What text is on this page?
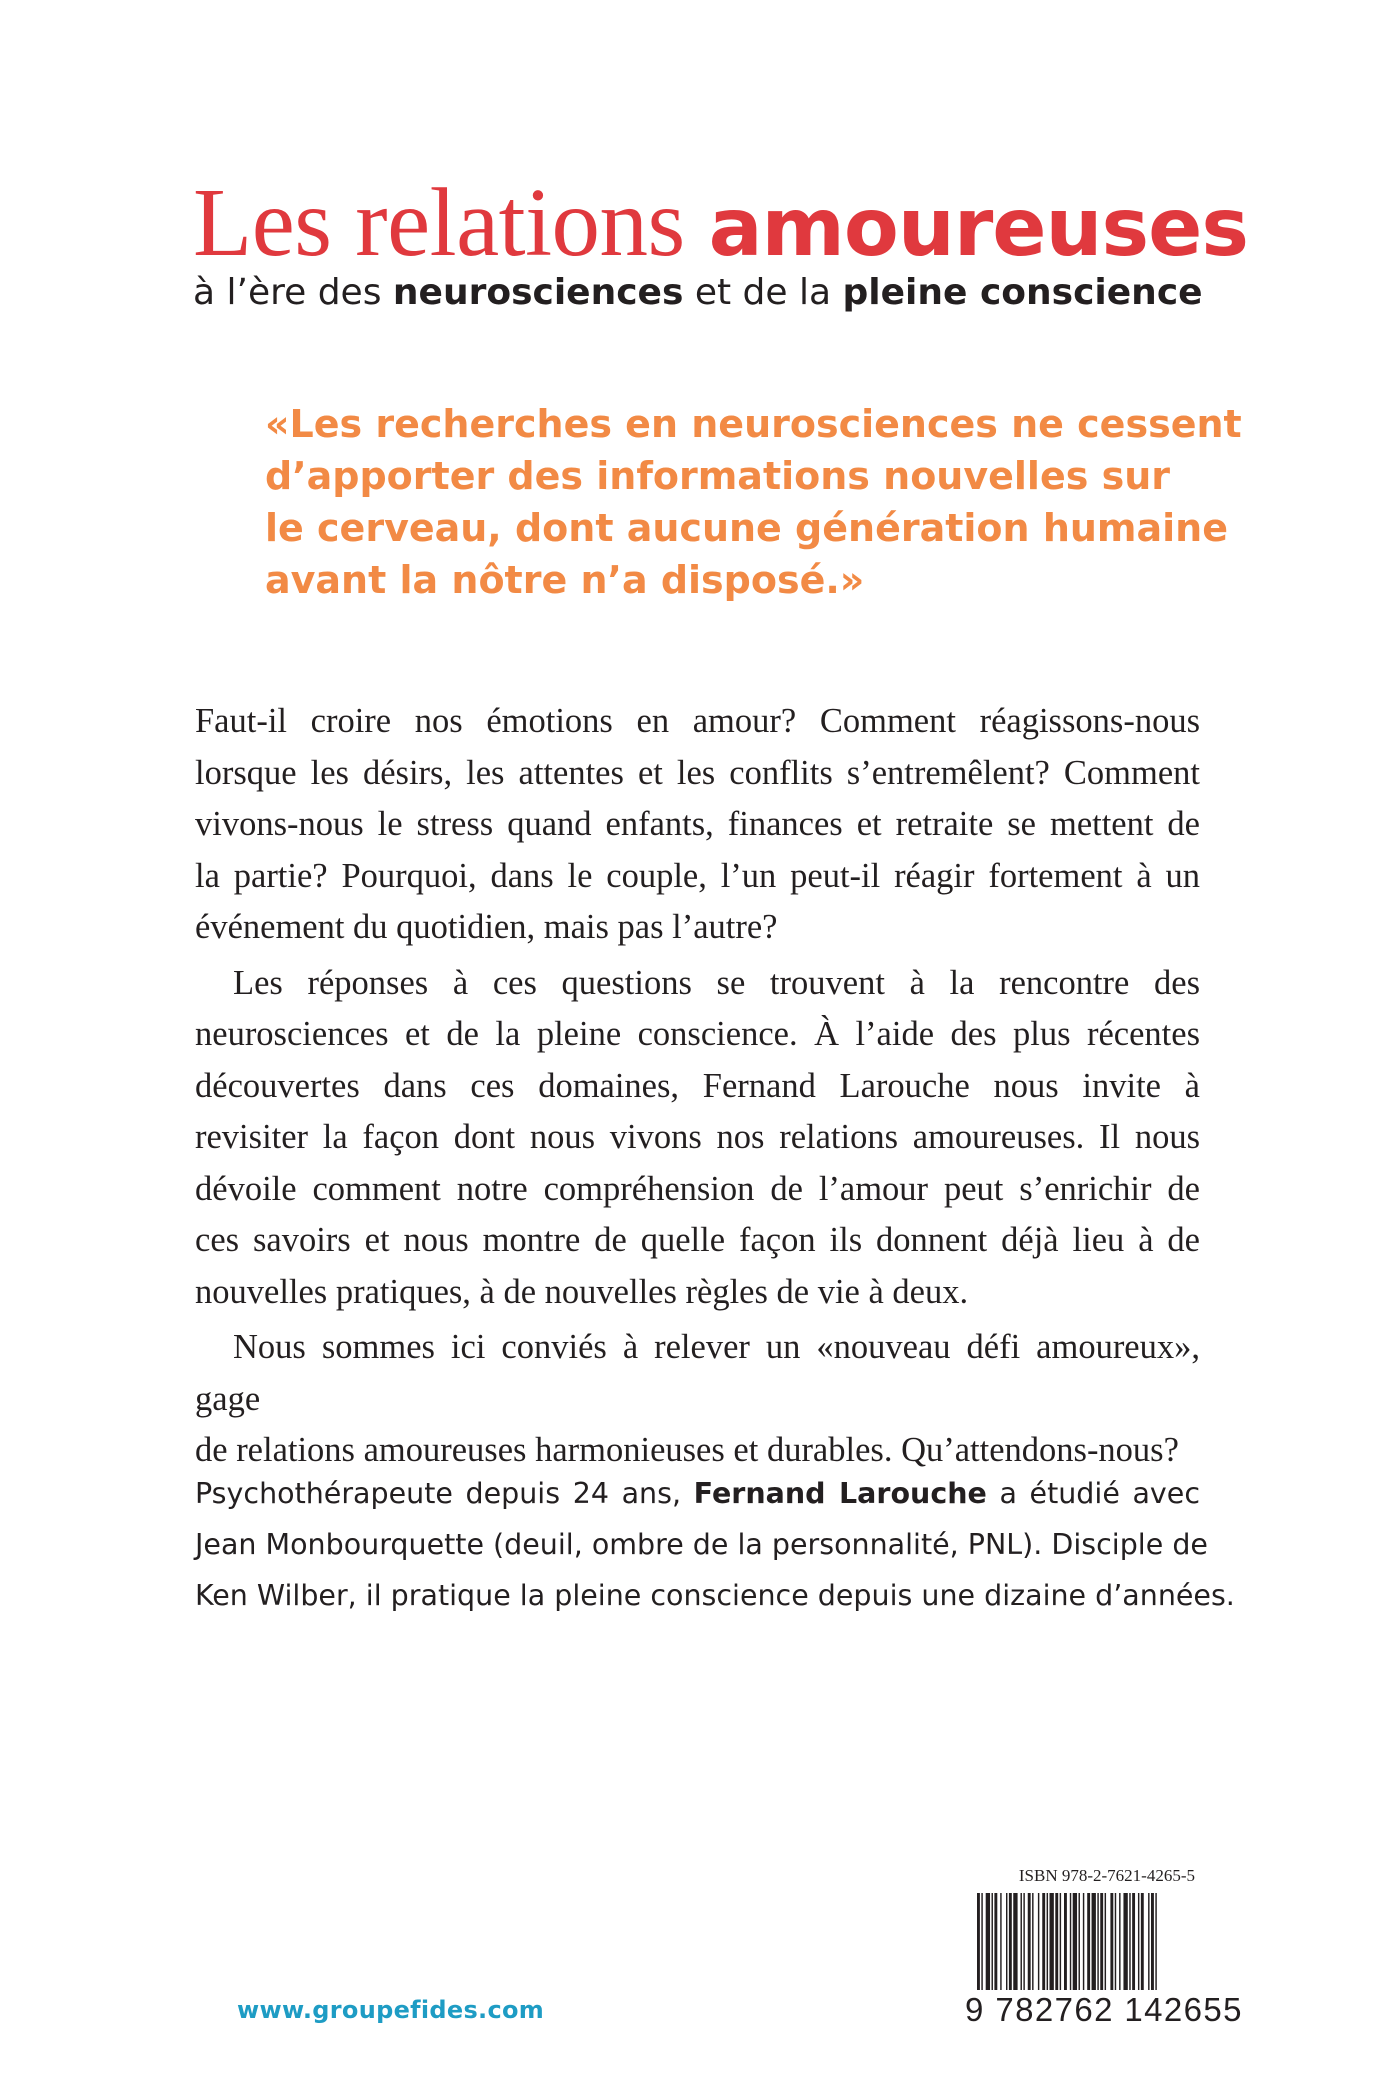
Les relations amoureuses
à l’ère des neurosciences et de la pleine conscience
«Les recherches en neurosciences ne cessent
d’apporter des informations nouvelles sur
le cerveau, dont aucune génération humaine
avant la nôtre n’a disposé.»

Faut-il croire nos émotions en amour? Comment réagissons-nous
lorsque les désirs, les attentes et les conflits s’entremêlent? Comment
vivons-nous le stress quand enfants, finances et retraite se mettent de
la partie? Pourquoi, dans le couple, l’un peut-il réagir fortement à un
événement du quotidien, mais pas l’autre?

Les réponses à ces questions se trouvent à la rencontre des
neurosciences et de la pleine conscience. À l’aide des plus récentes
découvertes dans ces domaines, Fernand Larouche nous invite à
revisiter la façon dont nous vivons nos relations amoureuses. Il nous
dévoile comment notre compréhension de l’amour peut s’enrichir de
ces savoirs et nous montre de quelle façon ils donnent déjà lieu à de
nouvelles pratiques, à de nouvelles règles de vie à deux.

Nous sommes ici conviés à relever un «nouveau défi amoureux», gage
de relations amoureuses harmonieuses et durables. Qu’attendons-nous?

Psychothérapeute depuis 24 ans, Fernand Larouche a étudié avec
Jean Monbourquette (deuil, ombre de la personnalité, PNL). Disciple de
Ken Wilber, il pratique la pleine conscience depuis une dizaine d’années.
ISBN 978-2-7621-4265-5
9 782762 142655
www.groupefides.com
